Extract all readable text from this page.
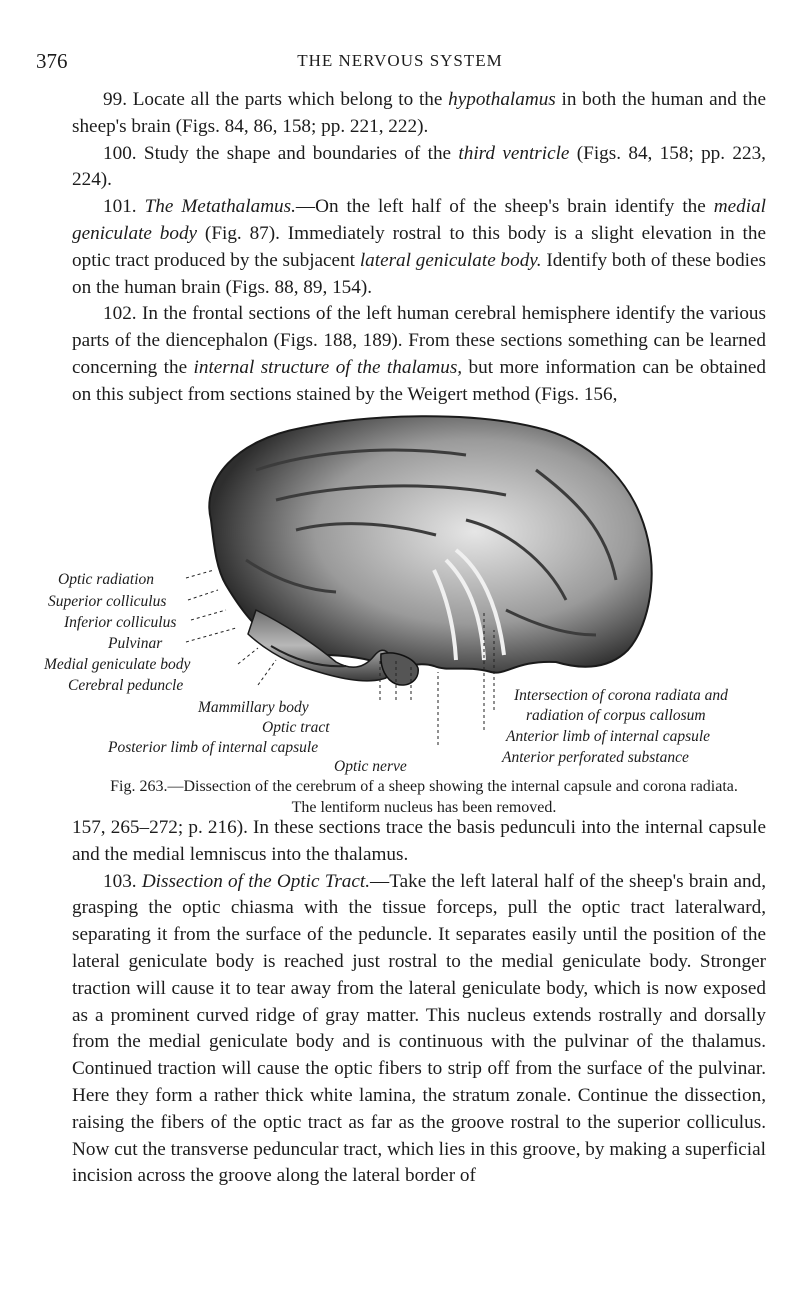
376	THE NERVOUS SYSTEM

99. Locate all the parts which belong to the hypothalamus in both the human and the sheep's brain (Figs. 84, 86, 158; pp. 221, 222).

100. Study the shape and boundaries of the third ventricle (Figs. 84, 158; pp. 223, 224).

101. The Metathalamus.—On the left half of the sheep's brain identify the medial geniculate body (Fig. 87). Immediately rostral to this body is a slight elevation in the optic tract produced by the subjacent lateral geniculate body. Identify both of these bodies on the human brain (Figs. 88, 89, 154).

102. In the frontal sections of the left human cerebral hemisphere identify the various parts of the diencephalon (Figs. 188, 189). From these sections something can be learned concerning the internal structure of the thalamus, but more information can be obtained on this subject from sections stained by the Weigert method (Figs. 156,

Optic radiation
Superior colliculus
Inferior colliculus
Pulvinar
Medial geniculate body
Cerebral peduncle
Mammillary body
Optic tract
Posterior limb of internal capsule
Optic nerve
Intersection of corona radiata and
radiation of corpus callosum
Anterior limb of internal capsule
Anterior perforated substance

Fig. 263.—Dissection of the cerebrum of a sheep showing the internal capsule and corona radiata.
The lentiform nucleus has been removed.

157, 265–272; p. 216). In these sections trace the basis pedunculi into the internal capsule and the medial lemniscus into the thalamus.

103. Dissection of the Optic Tract.—Take the left lateral half of the sheep's brain and, grasping the optic chiasma with the tissue forceps, pull the optic tract lateralward, separating it from the surface of the peduncle. It separates easily until the position of the lateral geniculate body is reached just rostral to the medial geniculate body. Stronger traction will cause it to tear away from the lateral geniculate body, which is now exposed as a prominent curved ridge of gray matter. This nucleus extends rostrally and dorsally from the medial geniculate body and is continuous with the pulvinar of the thalamus. Continued traction will cause the optic fibers to strip off from the surface of the pulvinar. Here they form a rather thick white lamina, the stratum zonale. Continue the dissection, raising the fibers of the optic tract as far as the groove rostral to the superior colliculus. Now cut the transverse peduncular tract, which lies in this groove, by making a superficial incision across the groove along the lateral border of
